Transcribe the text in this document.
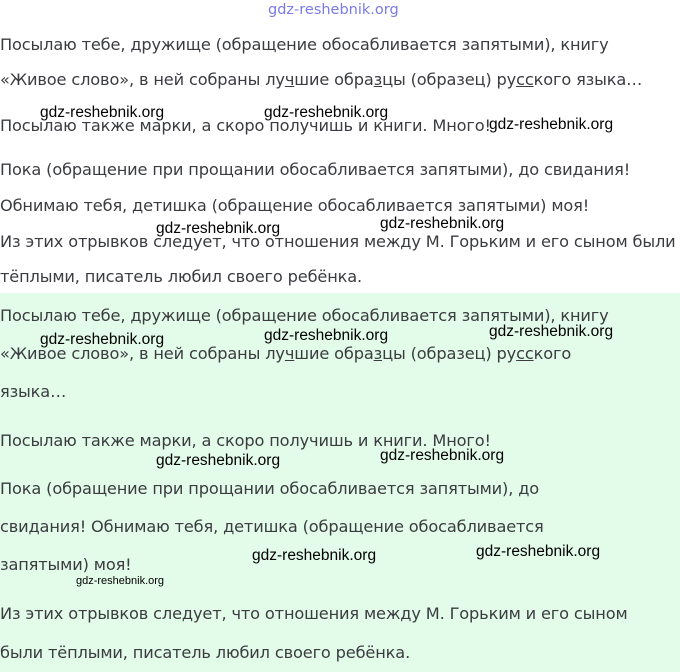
gdz-reshebnik.org
Посылаю тебе, дружище (обращение обосабливается запятыми), книгу
«Живое слово», в ней собраны лучшие образцы (образец) русского языка…
Посылаю также марки, а скоро получишь и книги. Много!
Пока (обращение при прощании обосабливается запятыми), до свидания!
Обнимаю тебя, детишка (обращение обосабливается запятыми) моя!
Из этих отрывков следует, что отношения между М. Горьким и его сыном были
тёплыми, писатель любил своего ребёнка.
Посылаю тебе, дружище (обращение обосабливается запятыми), книгу
«Живое слово», в ней собраны лучшие образцы (образец) русского
языка…
Посылаю также марки, а скоро получишь и книги. Много!
Пока (обращение при прощании обосабливается запятыми), до
свидания! Обнимаю тебя, детишка (обращение обосабливается
запятыми) моя!
Из этих отрывков следует, что отношения между М. Горьким и его сыном
были тёплыми, писатель любил своего ребёнка.
gdz-reshebnik.org	gdz-reshebnik.org
gdz-reshebnik.org
gdz-reshebnik.org	gdz-reshebnik.org
gdz-reshebnik.org	gdz-reshebnik.org	gdz-reshebnik.org
gdz-reshebnik.org	gdz-reshebnik.org
gdz-reshebnik.org	gdz-reshebnik.org
gdz-reshebnik.org
